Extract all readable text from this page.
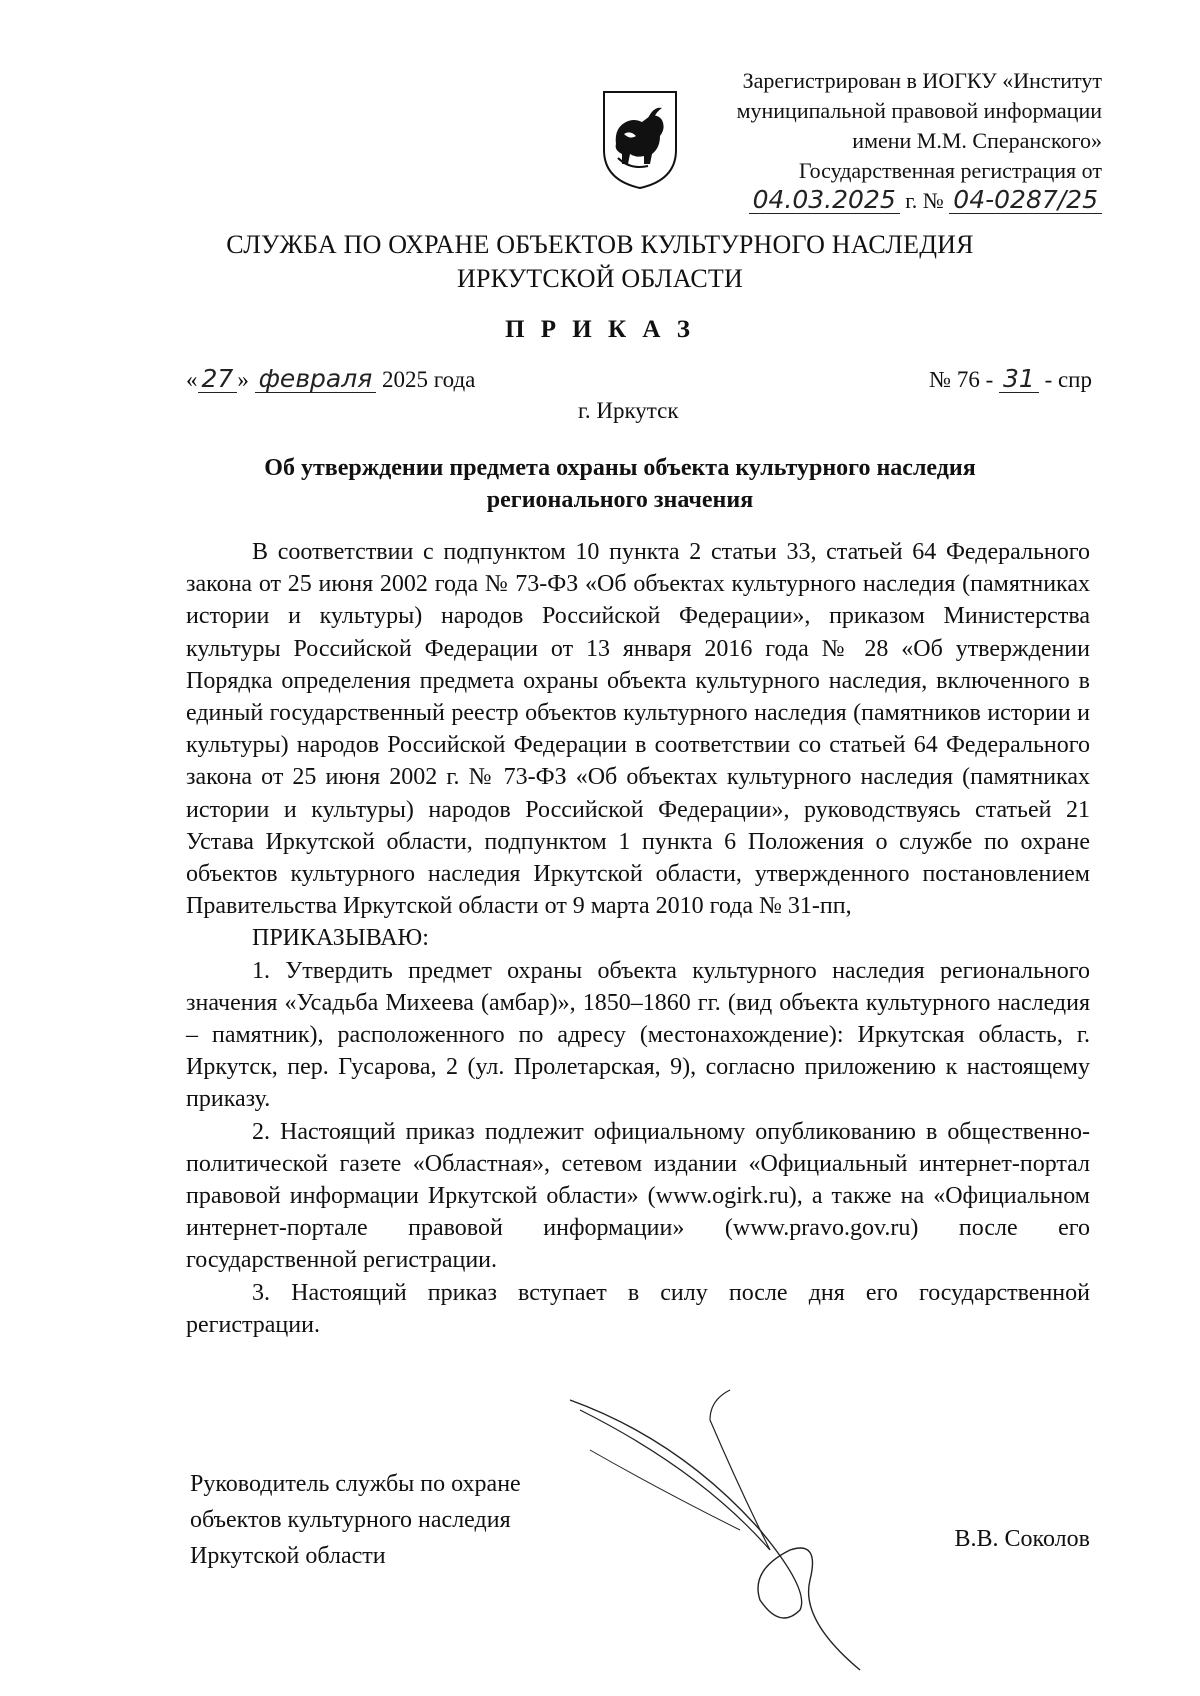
Зарегистрирован в ИОГКУ «Институт
муниципальной правовой информации
имени М.М. Сперанского»
Государственная регистрация от
04.03.2025 г. № 04-0287/25
СЛУЖБА ПО ОХРАНЕ ОБЪЕКТОВ КУЛЬТУРНОГО НАСЛЕДИЯ
ИРКУТСКОЙ ОБЛАСТИ
П Р И К А З
« 27 » февраля 2025 года	№ 76 - 31 - спр
г. Иркутск
Об утверждении предмета охраны объекта культурного наследия
регионального значения

В соответствии с подпунктом 10 пункта 2 статьи 33, статьей 64 Федерального закона от 25 июня 2002 года № 73-ФЗ «Об объектах культурного наследия (памятниках истории и культуры) народов Российской Федерации», приказом Министерства культуры Российской Федерации от 13 января 2016 года № 28 «Об утверждении Порядка определения предмета охраны объекта культурного наследия, включенного в единый государственный реестр объектов культурного наследия (памятников истории и культуры) народов Российской Федерации в соответствии со статьей 64 Федерального закона от 25 июня 2002 г. № 73-ФЗ «Об объектах культурного наследия (памятниках истории и культуры) народов Российской Федерации», руководствуясь статьей 21 Устава Иркутской области, подпунктом 1 пункта 6 Положения о службе по охране объектов культурного наследия Иркутской области, утвержденного постановлением Правительства Иркутской области от 9 марта 2010 года № 31-пп,

ПРИКАЗЫВАЮ:

1. Утвердить предмет охраны объекта культурного наследия регионального значения «Усадьба Михеева (амбар)», 1850–1860 гг. (вид объекта культурного наследия – памятник), расположенного по адресу (местонахождение): Иркутская область, г. Иркутск, пер. Гусарова, 2 (ул. Пролетарская, 9), согласно приложению к настоящему приказу.

2. Настоящий приказ подлежит официальному опубликованию в общественно-политической газете «Областная», сетевом издании «Официальный интернет-портал правовой информации Иркутской области» (www.ogirk.ru), а также на «Официальном интернет-портале правовой информации» (www.pravo.gov.ru) после его государственной регистрации.

3. Настоящий приказ вступает в силу после дня его государственной регистрации.

Руководитель службы по охране
объектов культурного наследия
Иркутской области
В.В. Соколов
